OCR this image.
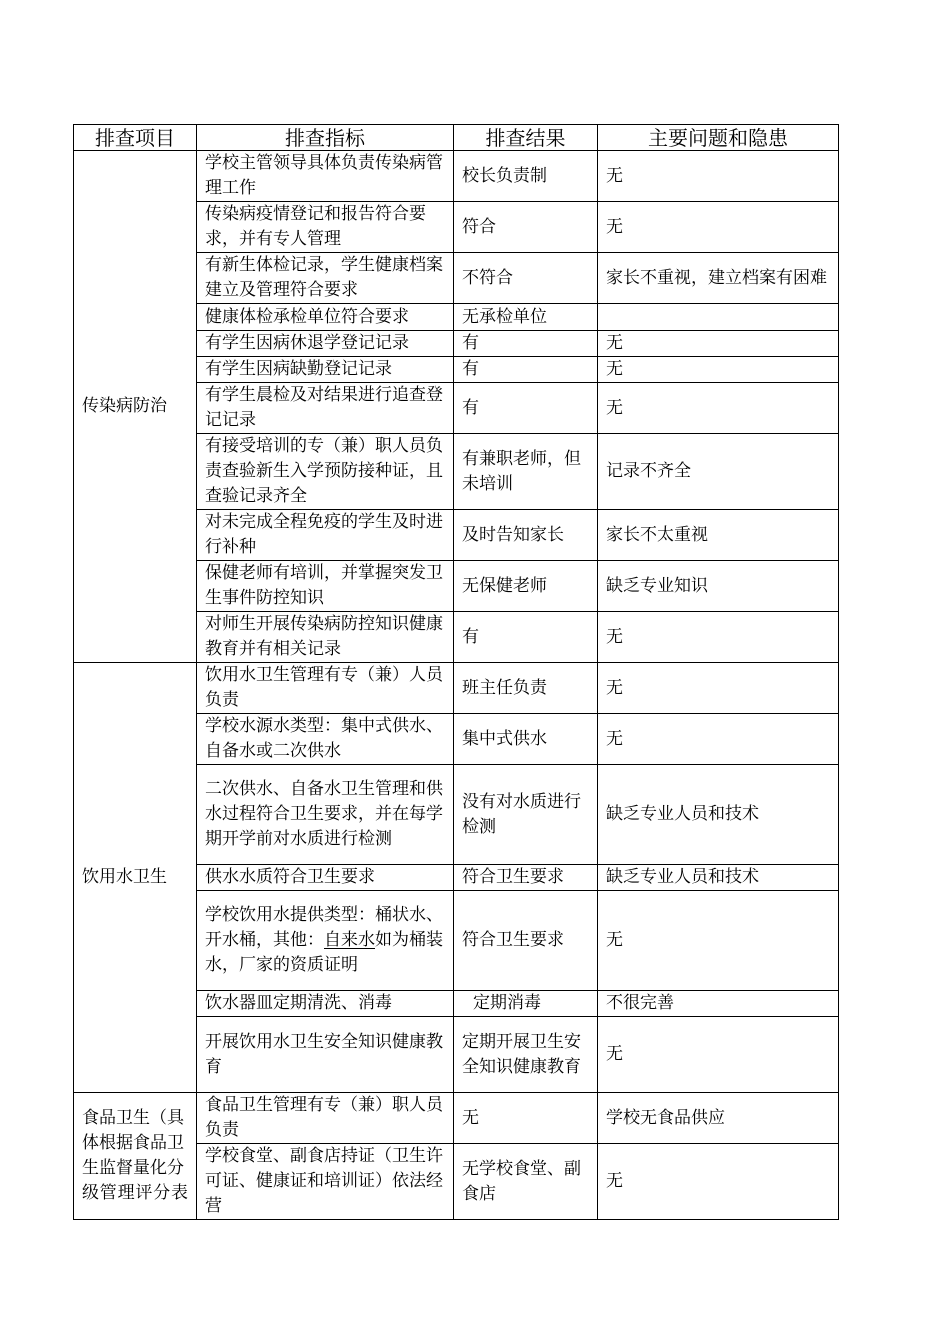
排查项目	排查指标	排查结果	主要问题和隐患
传染病防治	学校主管领导具体负责传染病管理工作	校长负责制	无
	传染病疫情登记和报告符合要求，并有专人管理	符合	无
	有新生体检记录，学生健康档案建立及管理符合要求	不符合	家长不重视，建立档案有困难
	健康体检承检单位符合要求	无承检单位	
	有学生因病休退学登记记录	有	无
	有学生因病缺勤登记记录	有	无
	有学生晨检及对结果进行追查登记记录	有	无
	有接受培训的专（兼）职人员负责查验新生入学预防接种证，且查验记录齐全	有兼职老师，但未培训	记录不齐全
	对未完成全程免疫的学生及时进行补种	及时告知家长	家长不太重视
	保健老师有培训，并掌握突发卫生事件防控知识	无保健老师	缺乏专业知识
	对师生开展传染病防控知识健康教育并有相关记录	有	无
饮用水卫生	饮用水卫生管理有专（兼）人员负责	班主任负责	无
	学校水源水类型：集中式供水、自备水或二次供水	集中式供水	无
	二次供水、自备水卫生管理和供水过程符合卫生要求，并在每学期开学前对水质进行检测	没有对水质进行检测	缺乏专业人员和技术
	供水水质符合卫生要求	符合卫生要求	缺乏专业人员和技术
	学校饮用水提供类型：桶状水、开水桶，其他：自来水如为桶装水，厂家的资质证明	符合卫生要求	无
	饮水器皿定期清洗、消毒	定期消毒	不很完善
	开展饮用水卫生安全知识健康教育	定期开展卫生安全知识健康教育	无
食品卫生（具体根据食品卫生监督量化分级管理评分表	食品卫生管理有专（兼）职人员负责	无	学校无食品供应
	学校食堂、副食店持证（卫生许可证、健康证和培训证）依法经营	无学校食堂、副食店	无
